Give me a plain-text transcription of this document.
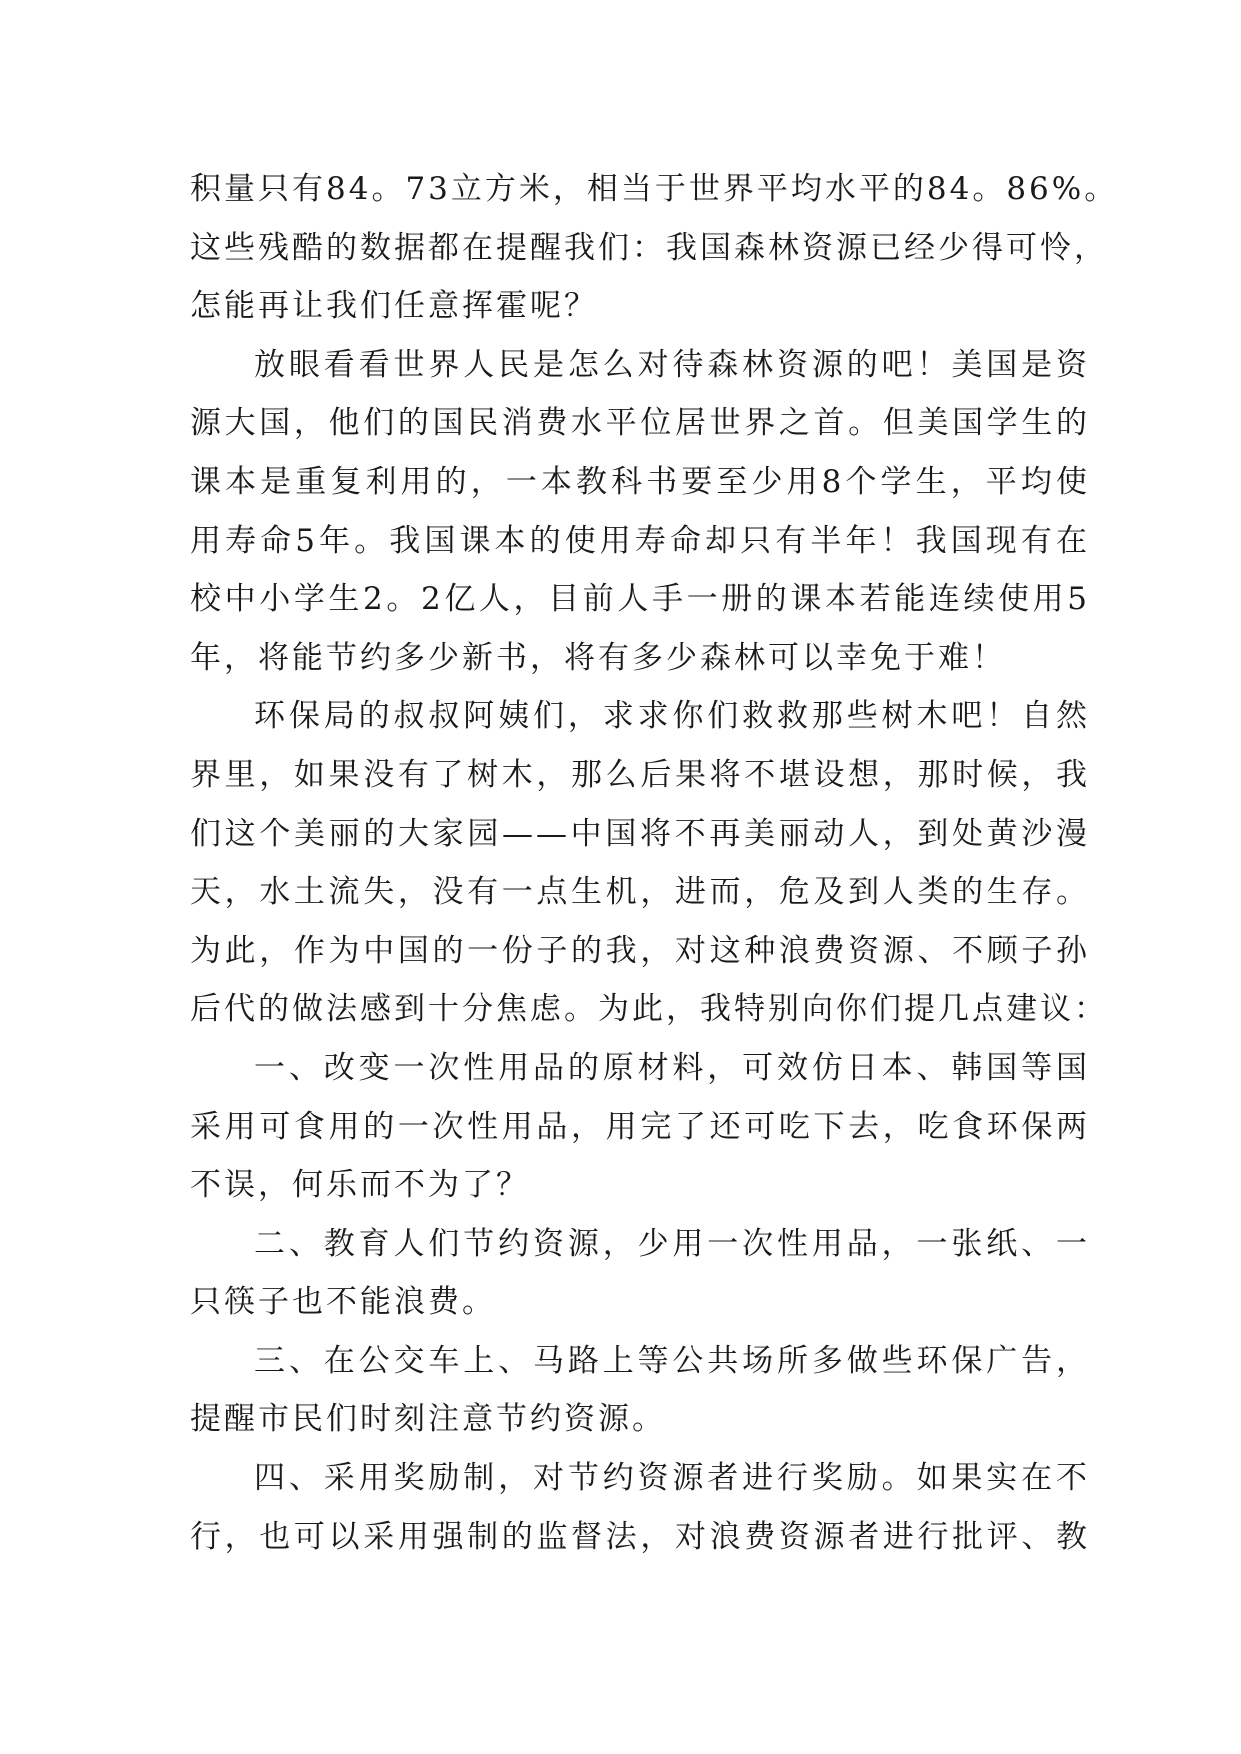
积量只有84。73立方米，相当于世界平均水平的84。86%。
这些残酷的数据都在提醒我们：我国森林资源已经少得可怜，
怎能再让我们任意挥霍呢？
放眼看看世界人民是怎么对待森林资源的吧！美国是资
源大国，他们的国民消费水平位居世界之首。但美国学生的
课本是重复利用的，一本教科书要至少用8个学生，平均使
用寿命5年。我国课本的使用寿命却只有半年！我国现有在
校中小学生2。2亿人，目前人手一册的课本若能连续使用5
年，将能节约多少新书，将有多少森林可以幸免于难！
环保局的叔叔阿姨们，求求你们救救那些树木吧！自然
界里，如果没有了树木，那么后果将不堪设想，那时候，我
们这个美丽的大家园——中国将不再美丽动人，到处黄沙漫
天，水土流失，没有一点生机，进而，危及到人类的生存。
为此，作为中国的一份子的我，对这种浪费资源、不顾子孙
后代的做法感到十分焦虑。为此，我特别向你们提几点建议：
一、改变一次性用品的原材料，可效仿日本、韩国等国
采用可食用的一次性用品，用完了还可吃下去，吃食环保两
不误，何乐而不为了？
二、教育人们节约资源，少用一次性用品，一张纸、一
只筷子也不能浪费。
三、在公交车上、马路上等公共场所多做些环保广告，
提醒市民们时刻注意节约资源。
四、采用奖励制，对节约资源者进行奖励。如果实在不
行，也可以采用强制的监督法，对浪费资源者进行批评、教
